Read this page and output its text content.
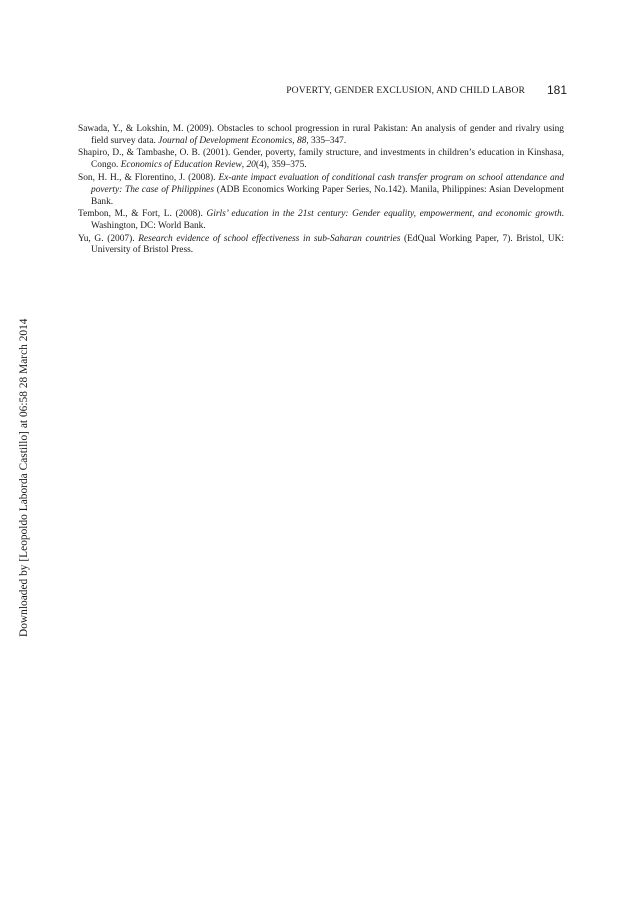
POVERTY, GENDER EXCLUSION, AND CHILD LABOR 181
Sawada, Y., & Lokshin, M. (2009). Obstacles to school progression in rural Pakistan: An analysis of gender and rivalry using field survey data. Journal of Development Economics, 88, 335–347.
Shapiro, D., & Tambashe, O. B. (2001). Gender, poverty, family structure, and investments in children’s education in Kinshasa, Congo. Economics of Education Review, 20(4), 359–375.
Son, H. H., & Florentino, J. (2008). Ex-ante impact evaluation of conditional cash transfer program on school attendance and poverty: The case of Philippines (ADB Economics Working Paper Series, No.142). Manila, Philippines: Asian Development Bank.
Tembon, M., & Fort, L. (2008). Girls’ education in the 21st century: Gender equality, empowerment, and economic growth. Washington, DC: World Bank.
Yu, G. (2007). Research evidence of school effectiveness in sub-Saharan countries (EdQual Working Paper, 7). Bristol, UK: University of Bristol Press.
Downloaded by [Leopoldo Laborda Castillo] at 06:58 28 March 2014
